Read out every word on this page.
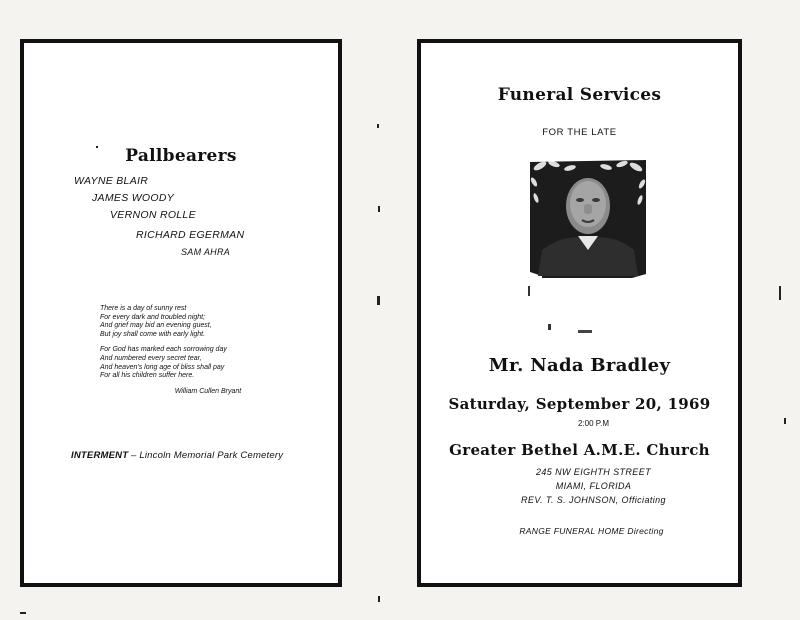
Pallbearers
WAYNE BLAIR
JAMES WOODY
VERNON ROLLE
RICHARD EGERMAN
SAM AHRA
There is a day of sunny rest
For every dark and troubled night;
And grief may bid an evening guest,
But joy shall come with early light.
For God has marked each sorrowing day
And numbered every secret tear,
And heaven's long age of bliss shall pay
For all his children suffer here.
William Cullen Bryant
INTERMENT – Lincoln Memorial Park Cemetery
Funeral Services
FOR THE LATE
Mr. Nada Bradley
Saturday, September 20, 1969
2:00 P.M
Greater Bethel A.M.E. Church
245 NW EIGHTH STREET
MIAMI, FLORIDA
REV. T. S. JOHNSON, Officiating
RANGE FUNERAL HOME Directing
